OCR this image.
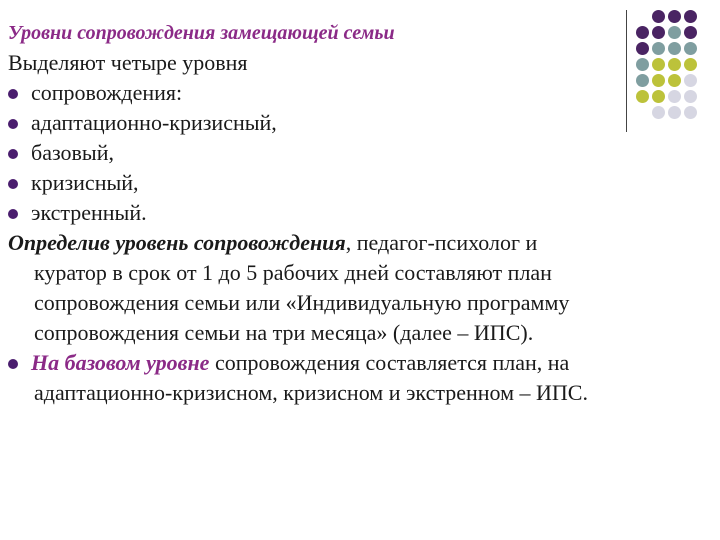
Уровни сопровождения замещающей семьи
Выделяют четыре уровня
сопровождения:
адаптационно-кризисный,
базовый,
кризисный,
экстренный.
Определив уровень сопровождения, педагог-психолог и
куратор в срок от 1 до 5 рабочих дней составляют план
сопровождения семьи или «Индивидуальную программу
сопровождения семьи на три месяца» (далее – ИПС).
На базовом уровне сопровождения составляется план, на
адаптационно-кризисном, кризисном и экстренном – ИПС.
